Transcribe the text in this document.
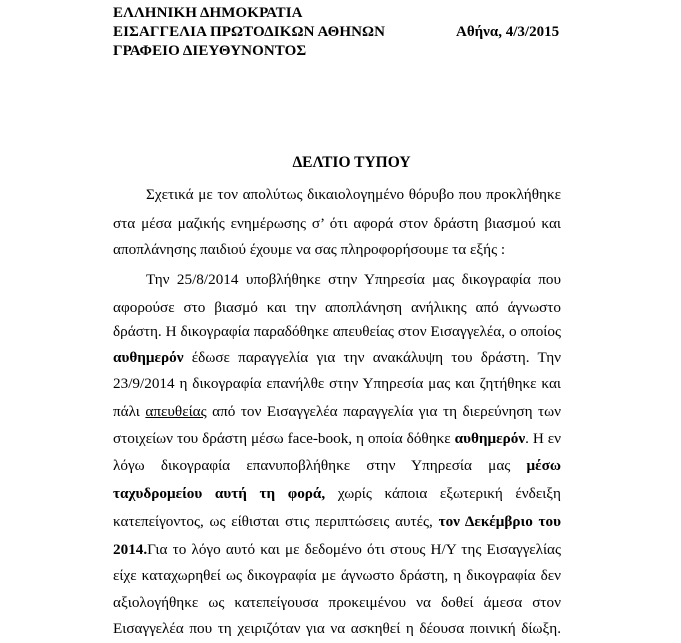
ΕΛΛΗΝΙΚΗ ΔΗΜΟΚΡΑΤΙΑ
ΕΙΣΑΓΓΕΛΙΑ ΠΡΩΤΟΔΙΚΩΝ ΑΘΗΝΩΝ
ΓΡΑΦΕΙΟ ΔΙΕΥΘΥΝΟΝΤΟΣ
Αθήνα, 4/3/2015
ΔΕΛΤΙΟ ΤΥΠΟΥ
Σχετικά με τον απολύτως δικαιολογημένο θόρυβο που προκλήθηκε
στα μέσα μαζικής ενημέρωσης σ’ ότι αφορά στον δράστη βιασμού και
αποπλάνησης παιδιού έχουμε να σας πληροφορήσουμε τα εξής :
Την 25/8/2014 υποβλήθηκε στην Υπηρεσία μας δικογραφία που
αφορούσε στο βιασμό και την αποπλάνηση ανήλικης από άγνωστο
δράστη. Η δικογραφία παραδόθηκε απευθείας στον Εισαγγελέα, ο οποίος
αυθημερόν έδωσε παραγγελία για την ανακάλυψη του δράστη. Την
23/9/2014 η δικογραφία επανήλθε στην Υπηρεσία μας και ζητήθηκε και
πάλι απευθείας από τον Εισαγγελέα παραγγελία για τη διερεύνηση των
στοιχείων του δράστη μέσω face-book, η οποία δόθηκε αυθημερόν. Η εν
λόγω δικογραφία επανυποβλήθηκε στην Υπηρεσία μας μέσω
ταχυδρομείου αυτή τη φορά, χωρίς κάποια εξωτερική ένδειξη
κατεπείγοντος, ως είθισται στις περιπτώσεις αυτές, τον Δεκέμβριο του
2014.Για το λόγο αυτό και με δεδομένο ότι στους Η/Υ της Εισαγγελίας
είχε καταχωρηθεί ως δικογραφία με άγνωστο δράστη, η δικογραφία δεν
αξιολογήθηκε ως κατεπείγουσα προκειμένου να δοθεί άμεσα στον
Εισαγγελέα που τη χειριζόταν για να ασκηθεί η δέουσα ποινική δίωξη.
